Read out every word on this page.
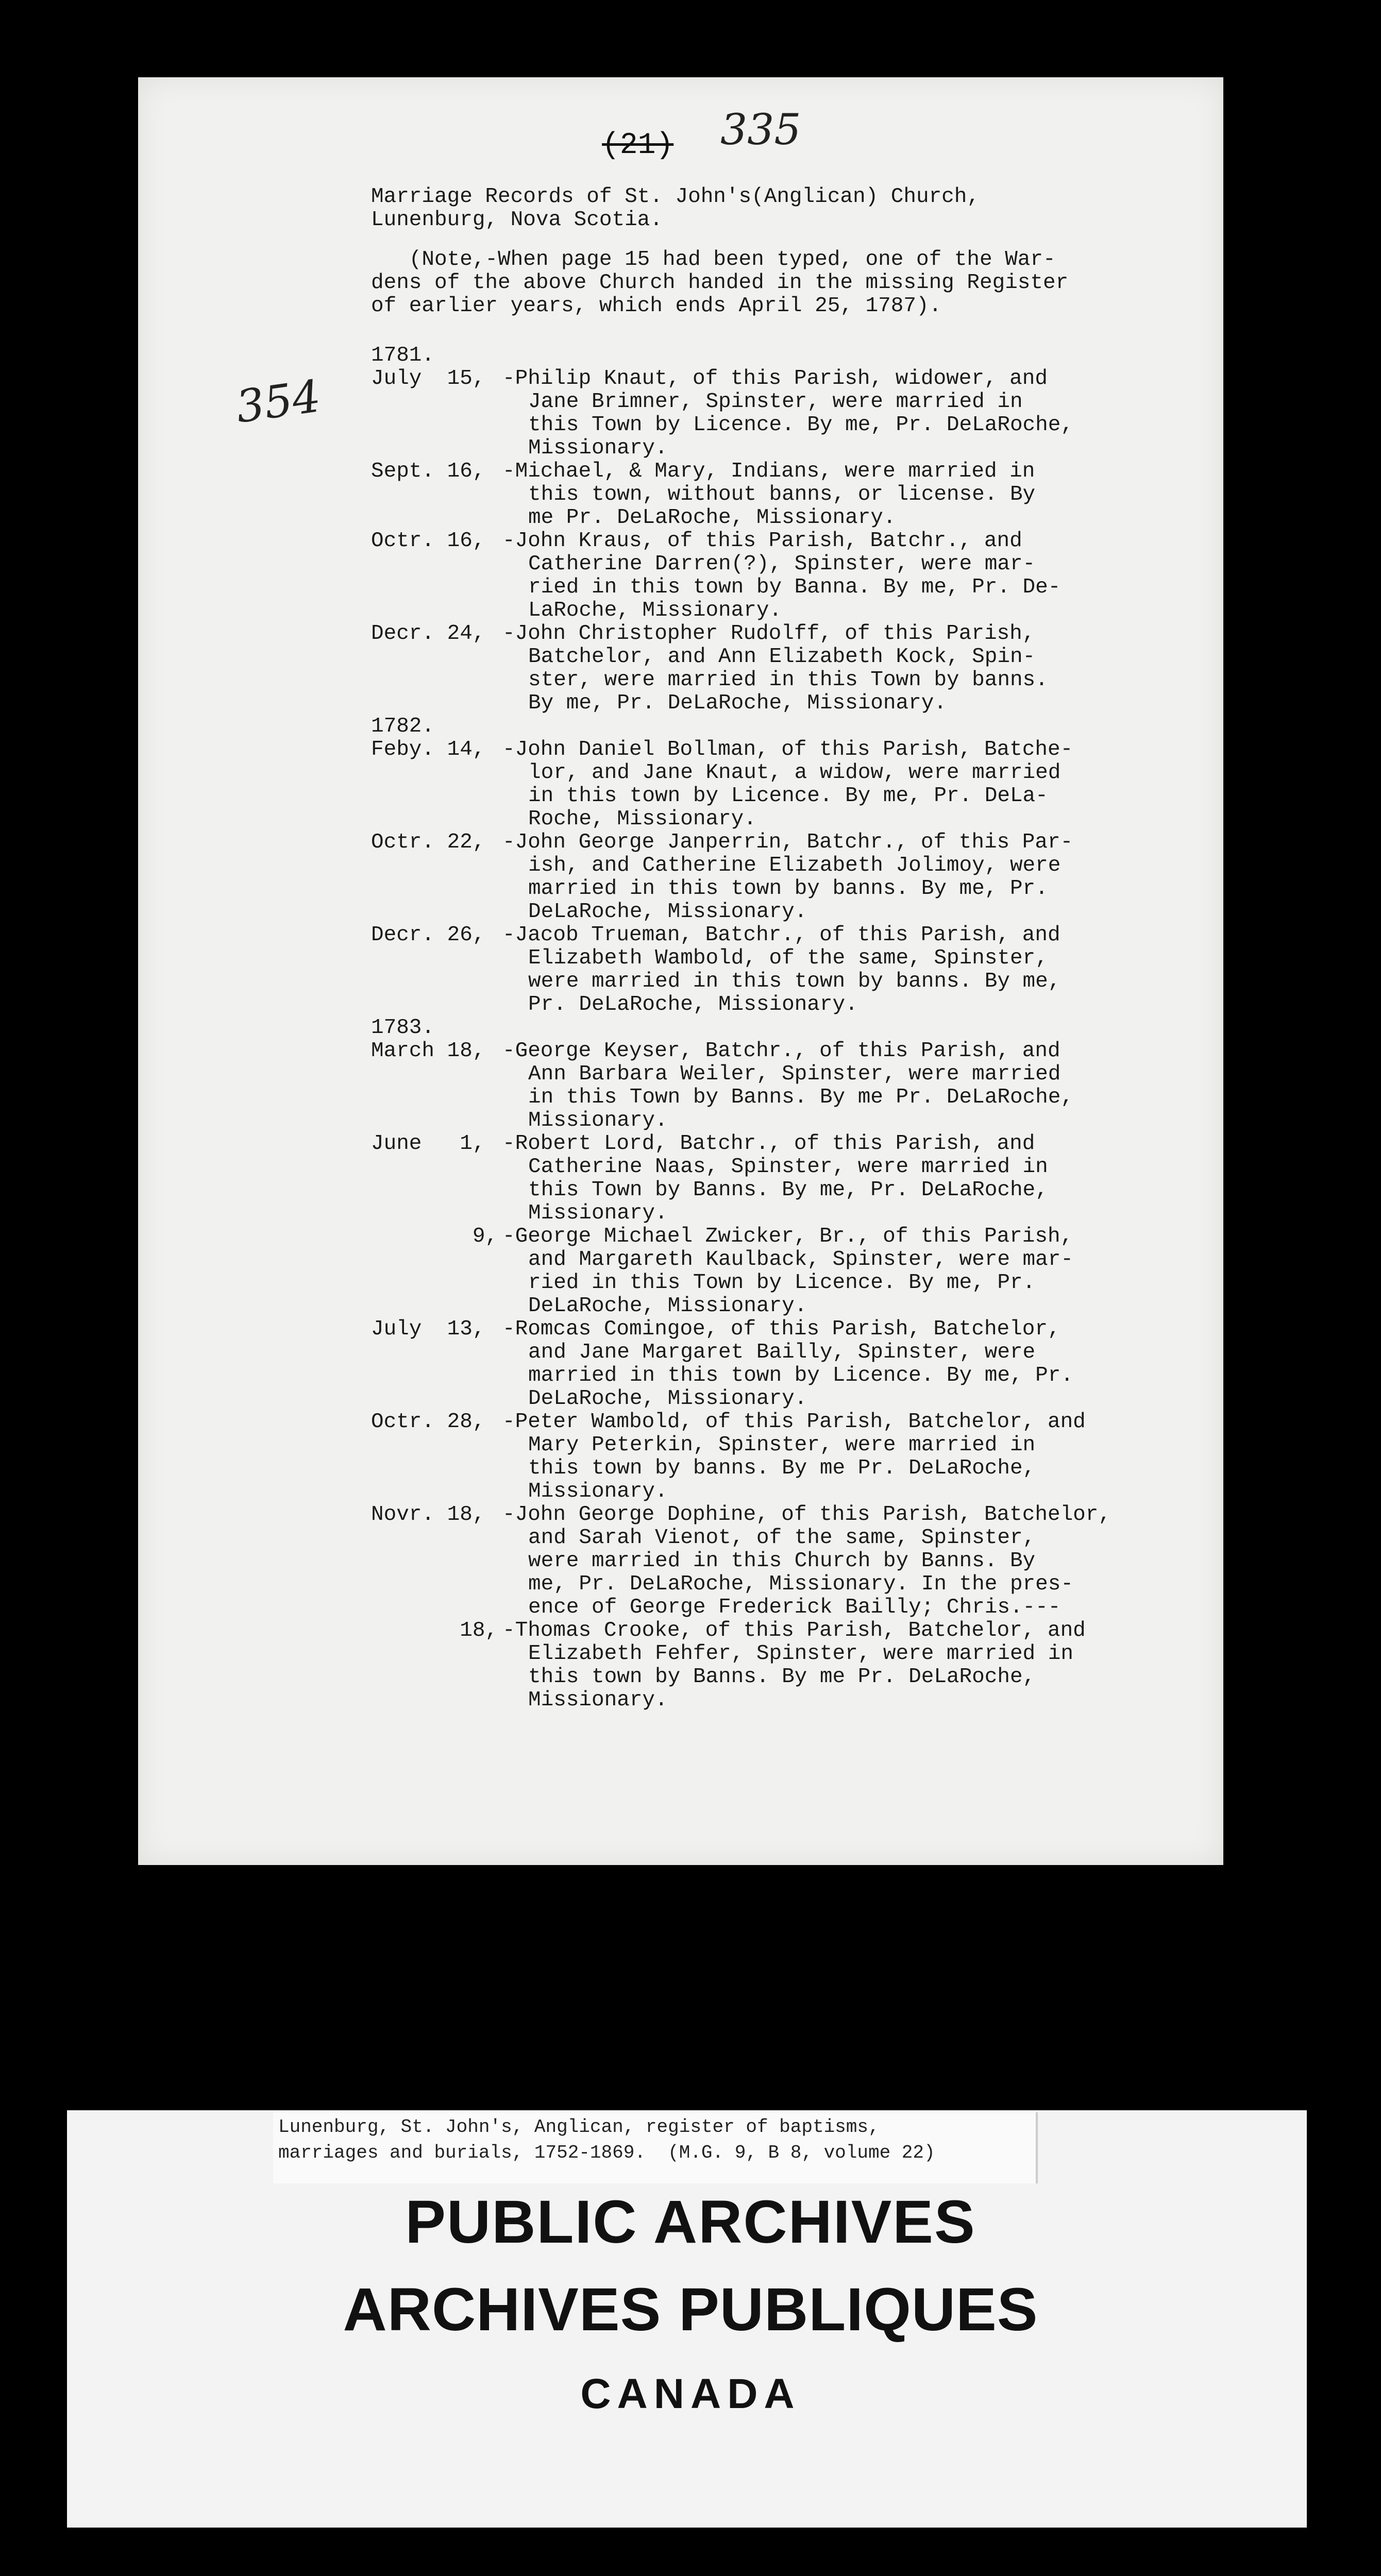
(21) 335
354
Marriage Records of St. John's(Anglican) Church,
Lunenburg, Nova Scotia.
(Note,-When page 15 had been typed, one of the War-
dens of the above Church handed in the missing Register
of earlier years, which ends April 25, 1787).
1781.
July  15, -Philip Knaut, of this Parish, widower, and
Jane Brimner, Spinster, were married in
this Town by Licence. By me, Pr. DeLaRoche,
Missionary.
Sept. 16, -Michael, & Mary, Indians, were married in
this town, without banns, or license. By
me Pr. DeLaRoche, Missionary.
Octr. 16, -John Kraus, of this Parish, Batchr., and
Catherine Darren(?), Spinster, were mar-
ried in this town by Banna. By me, Pr. De-
LaRoche, Missionary.
Decr. 24, -John Christopher Rudolff, of this Parish,
Batchelor, and Ann Elizabeth Kock, Spin-
ster, were married in this Town by banns.
By me, Pr. DeLaRoche, Missionary.
1782.
Feby. 14, -John Daniel Bollman, of this Parish, Batche-
lor, and Jane Knaut, a widow, were married
in this town by Licence. By me, Pr. DeLa-
Roche, Missionary.
Octr. 22, -John George Janperrin, Batchr., of this Par-
ish, and Catherine Elizabeth Jolimoy, were
married in this town by banns. By me, Pr.
DeLaRoche, Missionary.
Decr. 26, -Jacob Trueman, Batchr., of this Parish, and
Elizabeth Wambold, of the same, Spinster,
were married in this town by banns. By me,
Pr. DeLaRoche, Missionary.
1783.
March 18, -George Keyser, Batchr., of this Parish, and
Ann Barbara Weiler, Spinster, were married
in this Town by Banns. By me Pr. DeLaRoche,
Missionary.
June   1, -Robert Lord, Batchr., of this Parish, and
Catherine Naas, Spinster, were married in
this Town by Banns. By me, Pr. DeLaRoche,
Missionary.
9, -George Michael Zwicker, Br., of this Parish,
and Margareth Kaulback, Spinster, were mar-
ried in this Town by Licence. By me, Pr.
DeLaRoche, Missionary.
July  13, -Romcas Comingoe, of this Parish, Batchelor,
and Jane Margaret Bailly, Spinster, were
married in this town by Licence. By me, Pr.
DeLaRoche, Missionary.
Octr. 28, -Peter Wambold, of this Parish, Batchelor, and
Mary Peterkin, Spinster, were married in
this town by banns. By me Pr. DeLaRoche,
Missionary.
Novr. 18, -John George Dophine, of this Parish, Batchelor,
and Sarah Vienot, of the same, Spinster,
were married in this Church by Banns. By
me, Pr. DeLaRoche, Missionary. In the pres-
ence of George Frederick Bailly; Chris.---
18, -Thomas Crooke, of this Parish, Batchelor, and
Elizabeth Fehfer, Spinster, were married in
this town by Banns. By me Pr. DeLaRoche,
Missionary.
Lunenburg, St. John's, Anglican, register of baptisms,
marriages and burials, 1752-1869.  (M.G. 9, B 8, volume 22)
PUBLIC ARCHIVES
ARCHIVES PUBLIQUES
CANADA
